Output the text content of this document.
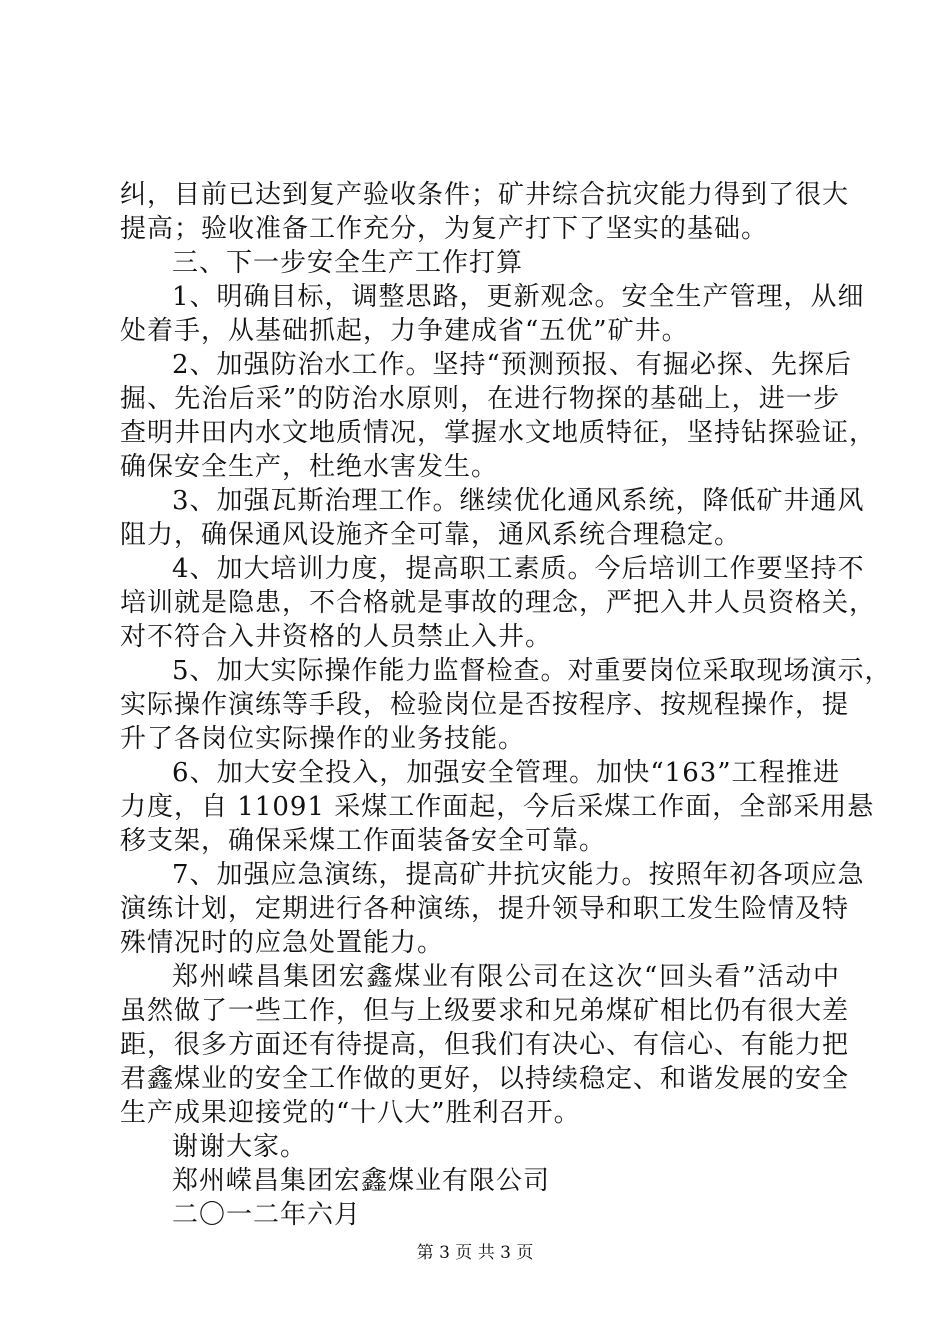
纠，目前已达到复产验收条件；矿井综合抗灾能力得到了很大
提高；验收准备工作充分，为复产打下了坚实的基础。
三、下一步安全生产工作打算
1、明确目标，调整思路，更新观念。安全生产管理，从细
处着手，从基础抓起，力争建成省“五优”矿井。
2、加强防治水工作。坚持“预测预报、有掘必探、先探后
掘、先治后采”的防治水原则，在进行物探的基础上，进一步
查明井田内水文地质情况，掌握水文地质特征，坚持钻探验证，
确保安全生产，杜绝水害发生。
3、加强瓦斯治理工作。继续优化通风系统，降低矿井通风
阻力，确保通风设施齐全可靠，通风系统合理稳定。
4、加大培训力度，提高职工素质。今后培训工作要坚持不
培训就是隐患，不合格就是事故的理念，严把入井人员资格关，
对不符合入井资格的人员禁止入井。
5、加大实际操作能力监督检查。对重要岗位采取现场演示，
实际操作演练等手段，检验岗位是否按程序、按规程操作，提
升了各岗位实际操作的业务技能。
6、加大安全投入，加强安全管理。加快“163”工程推进
力度，自 11091 采煤工作面起，今后采煤工作面，全部采用悬
移支架，确保采煤工作面装备安全可靠。
7、加强应急演练，提高矿井抗灾能力。按照年初各项应急
演练计划，定期进行各种演练，提升领导和职工发生险情及特
殊情况时的应急处置能力。
郑州嵘昌集团宏鑫煤业有限公司在这次“回头看”活动中
虽然做了一些工作，但与上级要求和兄弟煤矿相比仍有很大差
距，很多方面还有待提高，但我们有决心、有信心、有能力把
君鑫煤业的安全工作做的更好，以持续稳定、和谐发展的安全
生产成果迎接党的“十八大”胜利召开。
谢谢大家。
郑州嵘昌集团宏鑫煤业有限公司
二〇一二年六月
第 3 页 共 3 页
